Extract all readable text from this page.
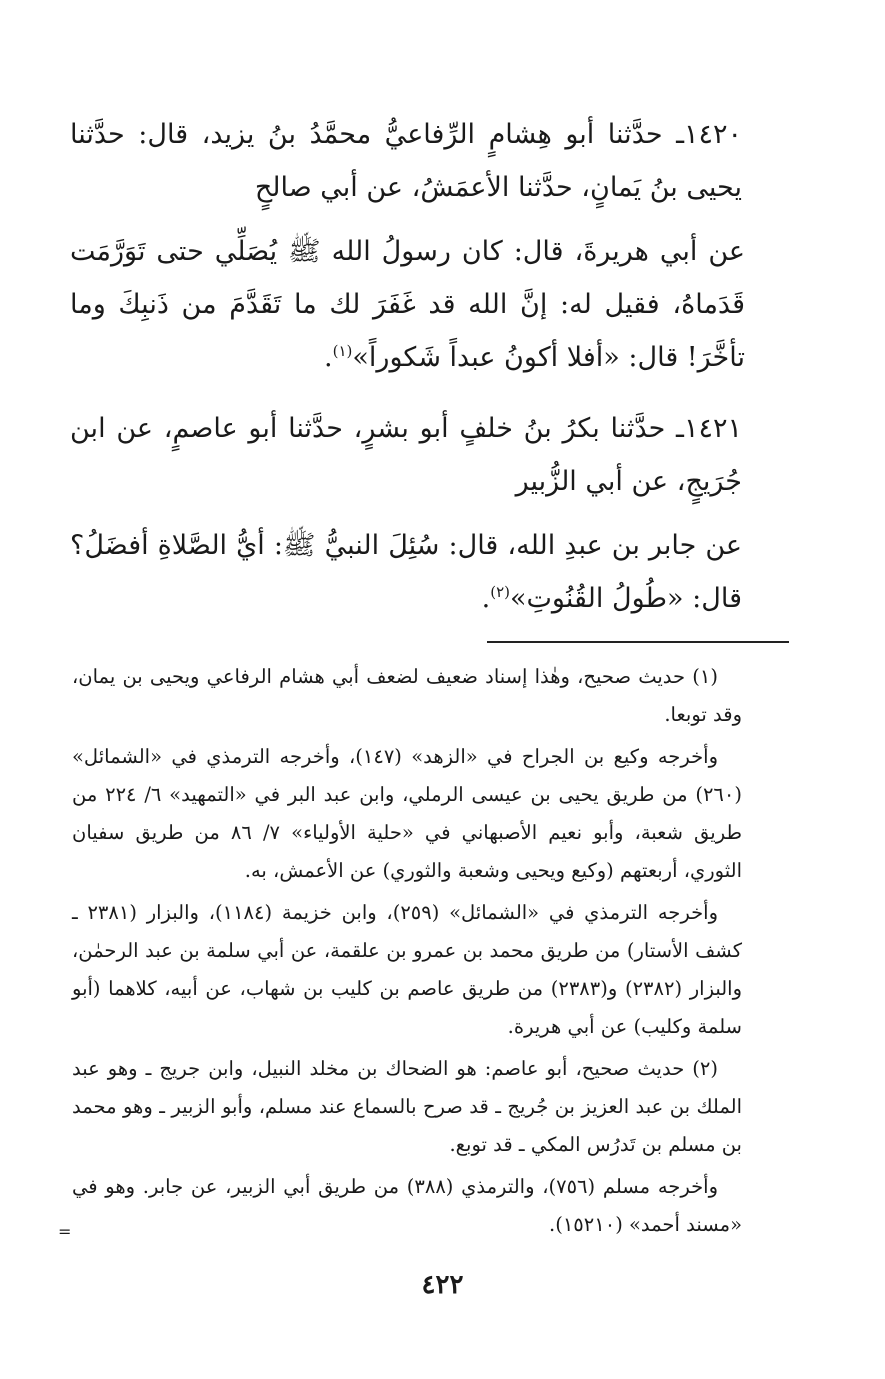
١٤٢٠ـ حدَّثنا أبو هِشامٍ الرِّفاعيُّ محمَّدُ بنُ يزيد، قال: حدَّثنا يحيى بنُ يَمانٍ، حدَّثنا الأعمَشُ، عن أبي صالحٍ
عن أبي هريرةَ، قال: كان رسولُ الله ﷺ يُصَلِّي حتى تَوَرَّمَت قَدَماهُ، فقيل له: إنَّ الله قد غَفَرَ لك ما تَقَدَّمَ من ذَنبِكَ وما تأخَّرَ! قال: «أفلا أكونُ عبداً شَكوراً»$^{(١)}$.
١٤٢١ـ حدَّثنا بكرُ بنُ خلفٍ أبو بشرٍ، حدَّثنا أبو عاصمٍ، عن ابن جُرَيجٍ، عن أبي الزُّبير
عن جابر بن عبدِ الله، قال: سُئِلَ النبيُّ ﷺ: أيُّ الصَّلاةِ أفضَلُ؟ قال: «طُولُ القُنُوتِ»$^{(٢)}$.

(١) حديث صحيح، وهٰذا إسناد ضعيف لضعف أبي هشام الرفاعي ويحيى بن يمان، وقد توبعا.

وأخرجه وكيع بن الجراح في «الزهد» (١٤٧)، وأخرجه الترمذي في «الشمائل» (٢٦٠) من طريق يحيى بن عيسى الرملي، وابن عبد البر في «التمهيد» ٦/ ٢٢٤ من طريق شعبة، وأبو نعيم الأصبهاني في «حلية الأولياء» ٧/ ٨٦ من طريق سفيان الثوري، أربعتهم (وكيع ويحيى وشعبة والثوري) عن الأعمش، به.

وأخرجه الترمذي في «الشمائل» (٢٥٩)، وابن خزيمة (١١٨٤)، والبزار (٢٣٨١ ـ كشف الأستار) من طريق محمد بن عمرو بن علقمة، عن أبي سلمة بن عبد الرحمٰن، والبزار (٢٣٨٢) و(٢٣٨٣) من طريق عاصم بن كليب بن شهاب، عن أبيه، كلاهما (أبو سلمة وكليب) عن أبي هريرة.

(٢) حديث صحيح، أبو عاصم: هو الضحاك بن مخلد النبيل، وابن جريج ـ وهو عبد الملك بن عبد العزيز بن جُريج ـ قد صرح بالسماع عند مسلم، وأبو الزبير ـ وهو محمد بن مسلم بن تَدرُس المكي ـ قد توبع.

وأخرجه مسلم (٧٥٦)، والترمذي (٣٨٨) من طريق أبي الزبير، عن جابر. وهو في «مسند أحمد» (١٥٢١٠).

=
٤٢٢
